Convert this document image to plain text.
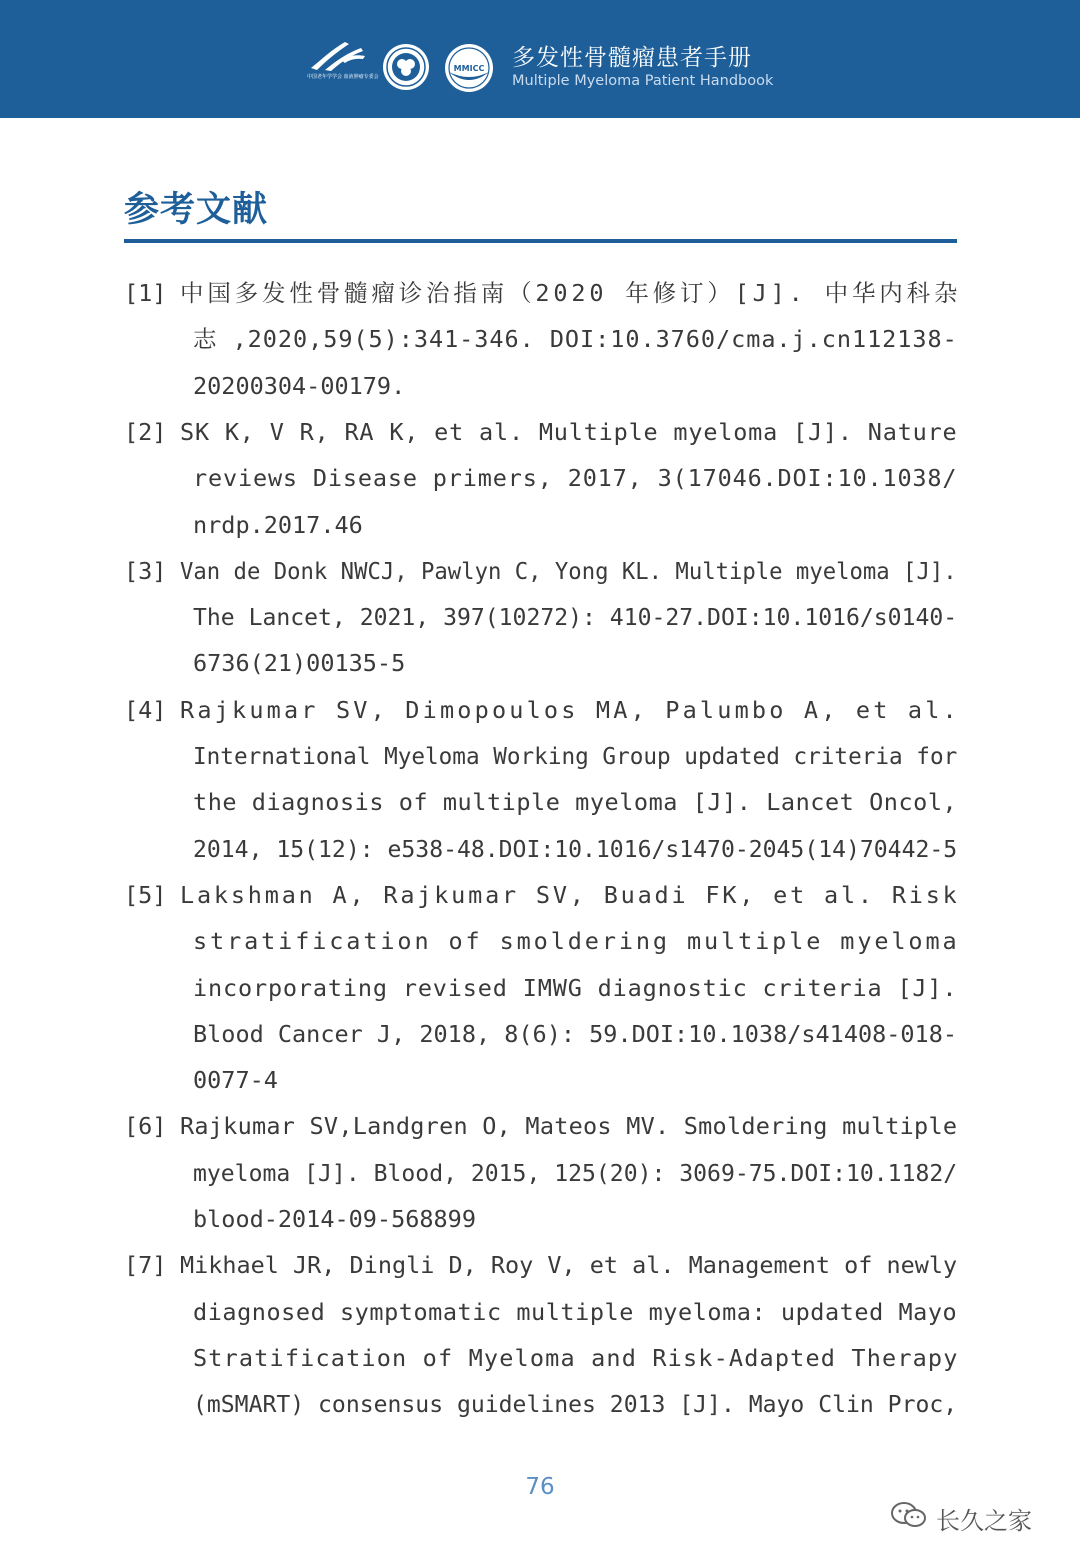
中国老年学学会 血液肿瘤专委会
MMICC 多发性骨髓瘤患者手册
Multiple Myeloma Patient Handbook
参考文献
[1] 中国多发性骨髓瘤诊治指南（2020 年修订）[J]. 中华内科杂
志 ,2020,59(5):341-346. DOI:10.3760/cma.j.cn112138-
20200304-00179.
[2] SK K, V R, RA K, et al. Multiple myeloma [J]. Nature
reviews Disease primers, 2017, 3(17046.DOI:10.1038/
nrdp.2017.46
[3] Van de Donk NWCJ, Pawlyn C, Yong KL. Multiple myeloma [J].
The Lancet, 2021, 397(10272): 410-27.DOI:10.1016/s0140-
6736(21)00135-5
[4] Rajkumar SV, Dimopoulos MA, Palumbo A, et al.
International Myeloma Working Group updated criteria for
the diagnosis of multiple myeloma [J]. Lancet Oncol,
2014, 15(12): e538-48.DOI:10.1016/s1470-2045(14)70442-5
[5] Lakshman A, Rajkumar SV, Buadi FK, et al. Risk
stratification of smoldering multiple myeloma
incorporating revised IMWG diagnostic criteria [J].
Blood Cancer J, 2018, 8(6): 59.DOI:10.1038/s41408-018-
0077-4
[6] Rajkumar SV,Landgren O, Mateos MV. Smoldering multiple
myeloma [J]. Blood, 2015, 125(20): 3069-75.DOI:10.1182/
blood-2014-09-568899
[7] Mikhael JR, Dingli D, Roy V, et al. Management of newly
diagnosed symptomatic multiple myeloma: updated Mayo
Stratification of Myeloma and Risk-Adapted Therapy
(mSMART) consensus guidelines 2013 [J]. Mayo Clin Proc,
76
长久之家
